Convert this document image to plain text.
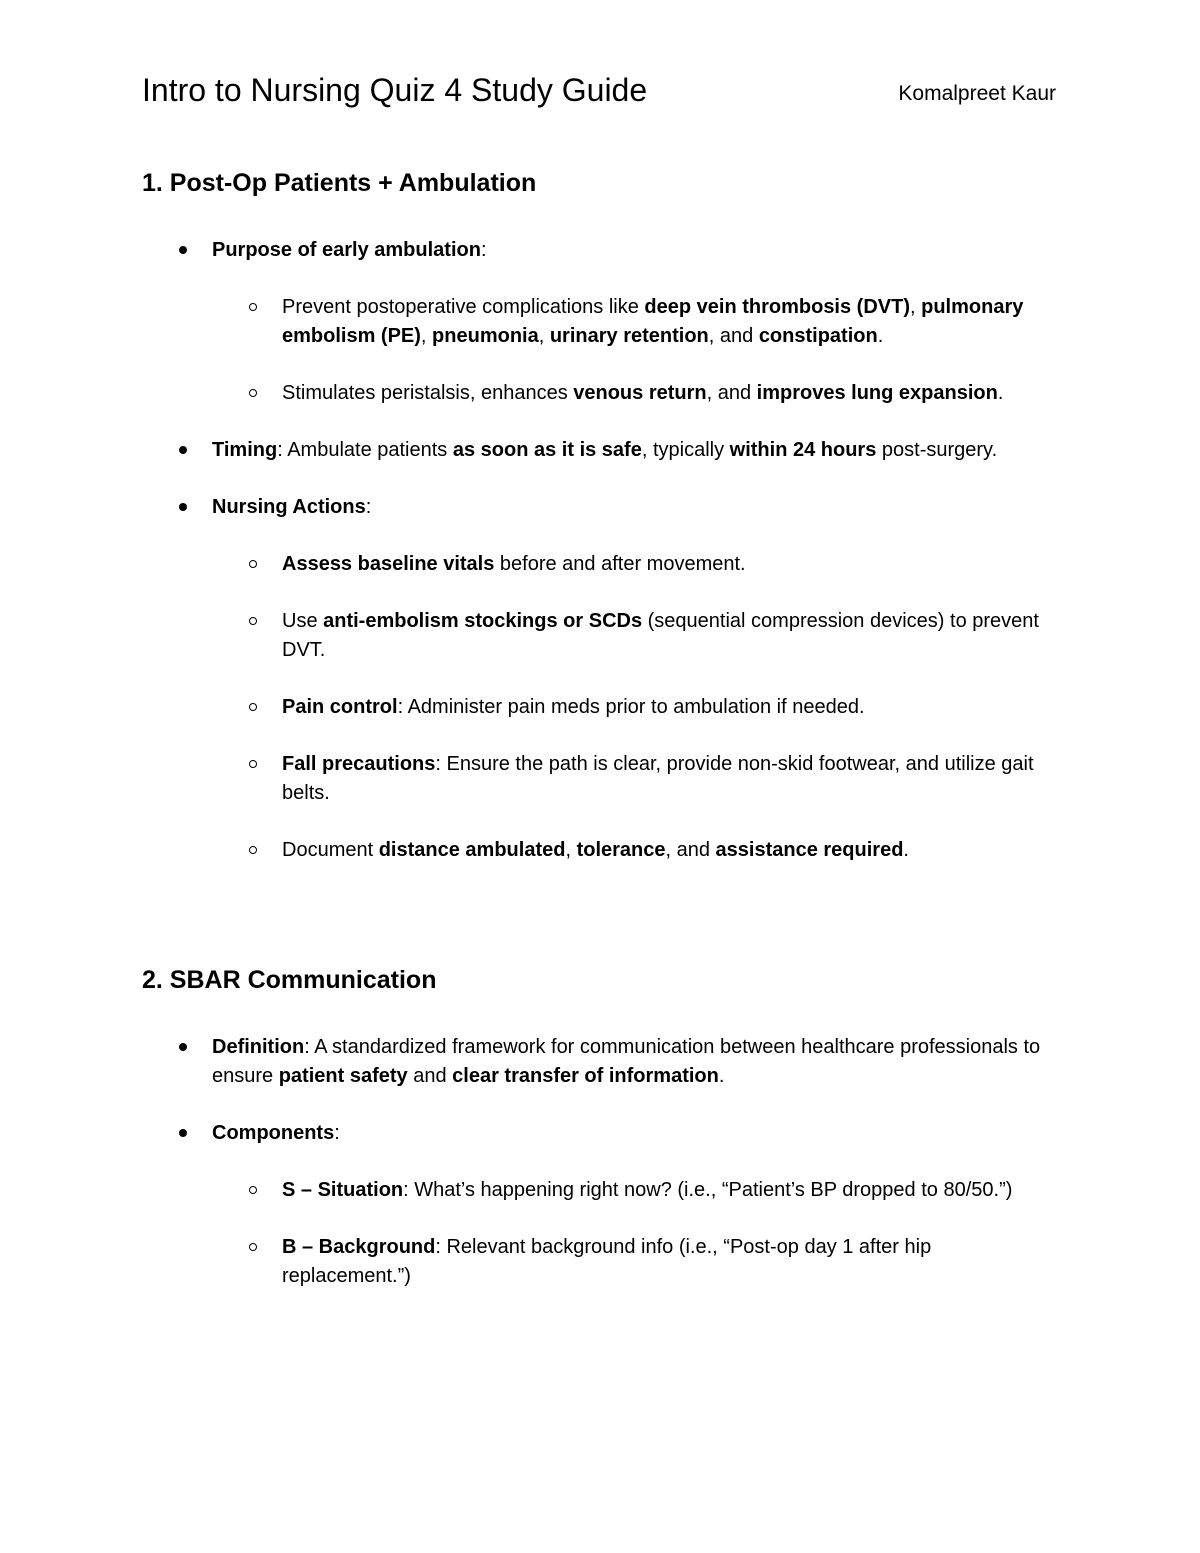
Intro to Nursing Quiz 4 Study Guide	Komalpreet Kaur
1. Post-Op Patients + Ambulation
Purpose of early ambulation:
Prevent postoperative complications like deep vein thrombosis (DVT), pulmonary embolism (PE), pneumonia, urinary retention, and constipation.
Stimulates peristalsis, enhances venous return, and improves lung expansion.
Timing: Ambulate patients as soon as it is safe, typically within 24 hours post-surgery.
Nursing Actions:
Assess baseline vitals before and after movement.
Use anti-embolism stockings or SCDs (sequential compression devices) to prevent DVT.
Pain control: Administer pain meds prior to ambulation if needed.
Fall precautions: Ensure the path is clear, provide non-skid footwear, and utilize gait belts.
Document distance ambulated, tolerance, and assistance required.
2. SBAR Communication
Definition: A standardized framework for communication between healthcare professionals to ensure patient safety and clear transfer of information.
Components:
S – Situation: What’s happening right now? (i.e., “Patient’s BP dropped to 80/50.”)
B – Background: Relevant background info (i.e., “Post-op day 1 after hip replacement.”)
